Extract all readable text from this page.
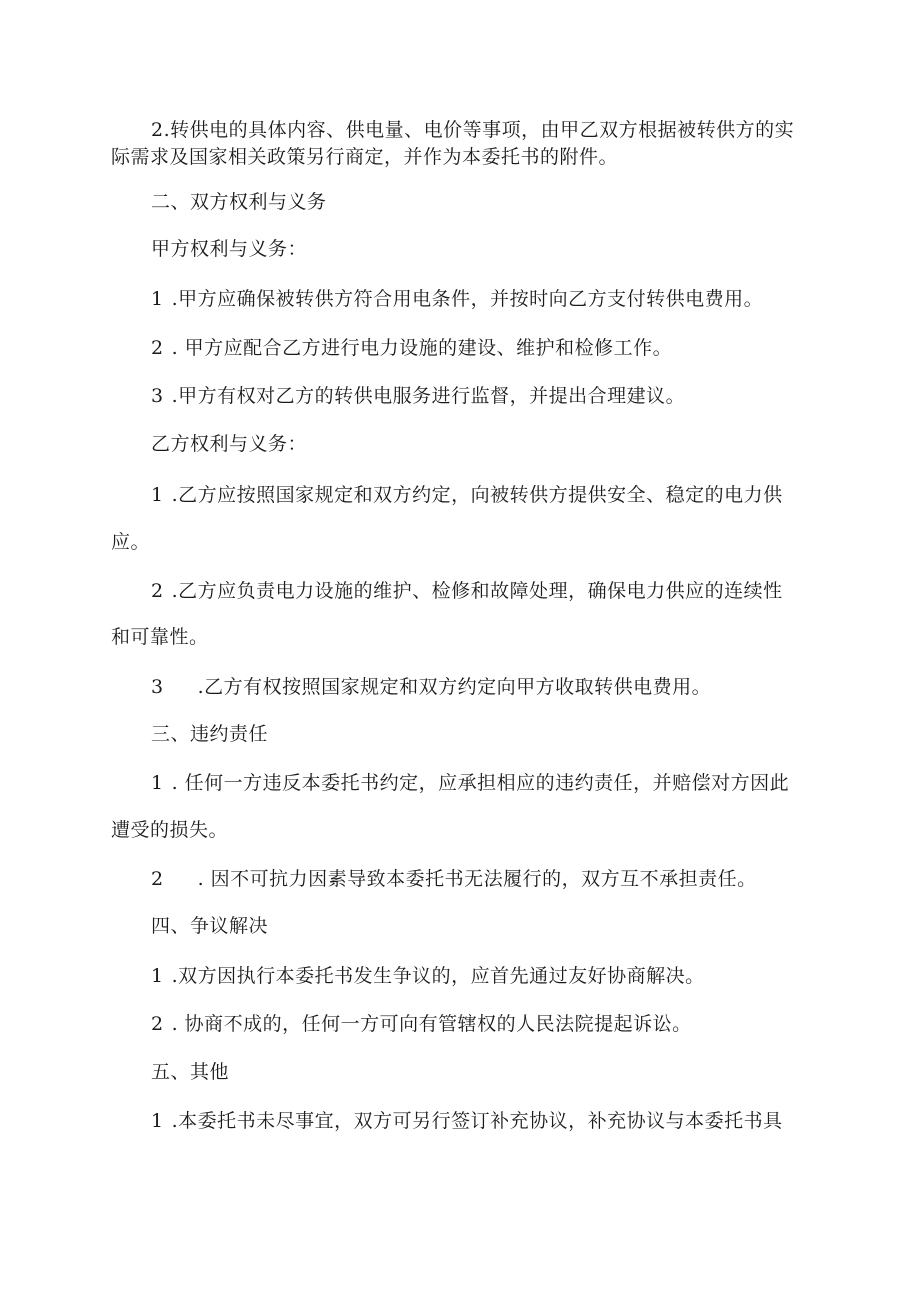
2.转供电的具体内容、供电量、电价等事项，由甲乙双方根据被转供方的实
际需求及国家相关政策另行商定，并作为本委托书的附件。
二、双方权利与义务
甲方权利与义务：
1 .甲方应确保被转供方符合用电条件，并按时向乙方支付转供电费用。
2 . 甲方应配合乙方进行电力设施的建设、维护和检修工作。
3 .甲方有权对乙方的转供电服务进行监督，并提出合理建议。
乙方权利与义务：
1 .乙方应按照国家规定和双方约定，向被转供方提供安全、稳定的电力供
应。
2 .乙方应负责电力设施的维护、检修和故障处理，确保电力供应的连续性
和可靠性。
3 .乙方有权按照国家规定和双方约定向甲方收取转供电费用。
三、违约责任
1 . 任何一方违反本委托书约定，应承担相应的违约责任，并赔偿对方因此
遭受的损失。
2 . 因不可抗力因素导致本委托书无法履行的，双方互不承担责任。
四、争议解决
1 .双方因执行本委托书发生争议的，应首先通过友好协商解决。
2 . 协商不成的，任何一方可向有管辖权的人民法院提起诉讼。
五、其他
1 .本委托书未尽事宜，双方可另行签订补充协议，补充协议与本委托书具
